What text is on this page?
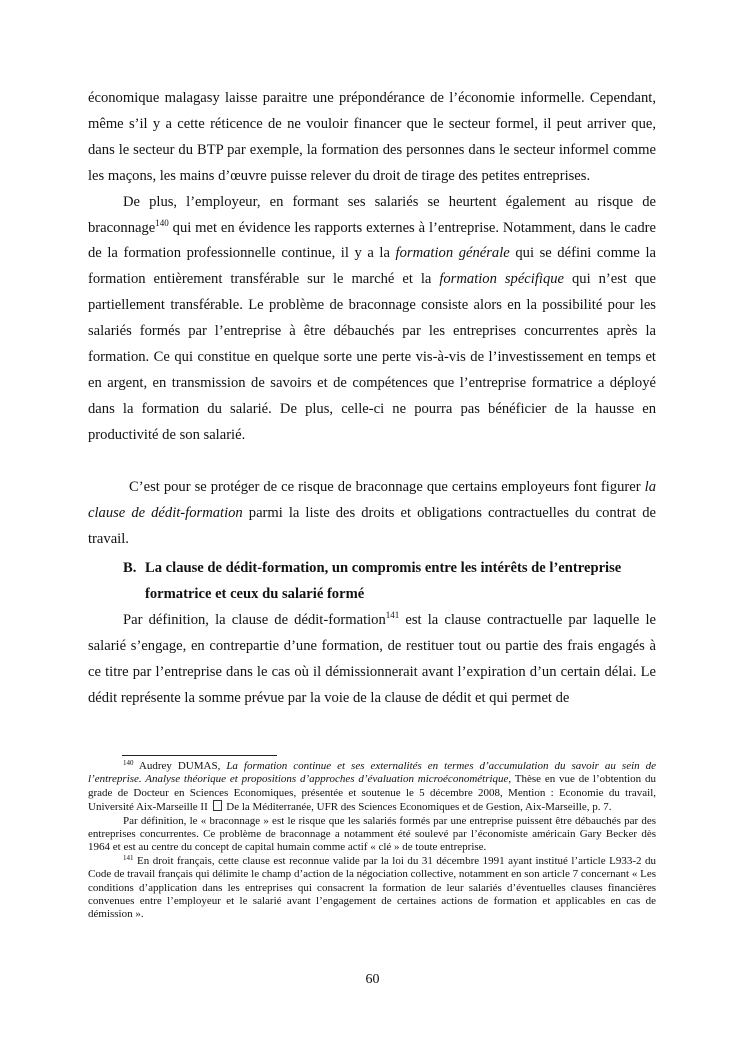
économique malagasy laisse paraitre une prépondérance de l’économie informelle. Cependant, même s’il y a cette réticence de ne vouloir financer que le secteur formel, il peut arriver que, dans le secteur du BTP par exemple, la formation des personnes dans le secteur informel comme les maçons, les mains d’œuvre puisse relever du droit de tirage des petites entreprises.

De plus, l’employeur, en formant ses salariés se heurtent également au risque de braconnage$^{140}$ qui met en évidence les rapports externes à l’entreprise. Notamment, dans le cadre de la formation professionnelle continue, il y a la formation générale qui se défini comme la formation entièrement transférable sur le marché et la formation spécifique qui n’est que partiellement transférable. Le problème de braconnage consiste alors en la possibilité pour les salariés formés par l’entreprise à être débauchés par les entreprises concurrentes après la formation. Ce qui constitue en quelque sorte une perte vis-à-vis de l’investissement en temps et en argent, en transmission de savoirs et de compétences que l’entreprise formatrice a déployé dans la formation du salarié. De plus, celle-ci ne pourra pas bénéficier de la hausse en productivité de son salarié.

C’est pour se protéger de ce risque de braconnage que certains employeurs font figurer la clause de dédit-formation parmi la liste des droits et obligations contractuelles du contrat de travail.

B. La clause de dédit-formation, un compromis entre les intérêts de l’entreprise formatrice et ceux du salarié formé

Par définition, la clause de dédit-formation$^{141}$ est la clause contractuelle par laquelle le salarié s’engage, en contrepartie d’une formation, de restituer tout ou partie des frais engagés à ce titre par l’entreprise dans le cas où il démissionnerait avant l’expiration d’un certain délai. Le dédit représente la somme prévue par la voie de la clause de dédit et qui permet de

$^{140}$ Audrey DUMAS, La formation continue et ses externalités en termes d’accumulation du savoir au sein de l’entreprise. Analyse théorique et propositions d’approches d’évaluation microéconométrique, Thèse en vue de l’obtention du grade de Docteur en Sciences Economiques, présentée et soutenue le 5 décembre 2008, Mention : Economie du travail, Université Aix-Marseille II  De la Méditerranée, UFR des Sciences Economiques et de Gestion, Aix-Marseille, p. 7.

Par définition, le « braconnage » est le risque que les salariés formés par une entreprise puissent être débauchés par des entreprises concurrentes. Ce problème de braconnage a notamment été soulevé par l’économiste américain Gary Becker dès 1964 et est au centre du concept de capital humain comme actif « clé » de toute entreprise.

$^{141}$ En droit français, cette clause est reconnue valide par la loi du 31 décembre 1991 ayant institué l’article L933-2 du Code de travail français qui délimite le champ d’action de la négociation collective, notamment en son article 7 concernant « Les conditions d’application dans les entreprises qui consacrent la formation de leur salariés d’éventuelles clauses financières convenues entre l’employeur et le salarié avant l’engagement de certaines actions de formation et applicables en cas de démission ».

60
